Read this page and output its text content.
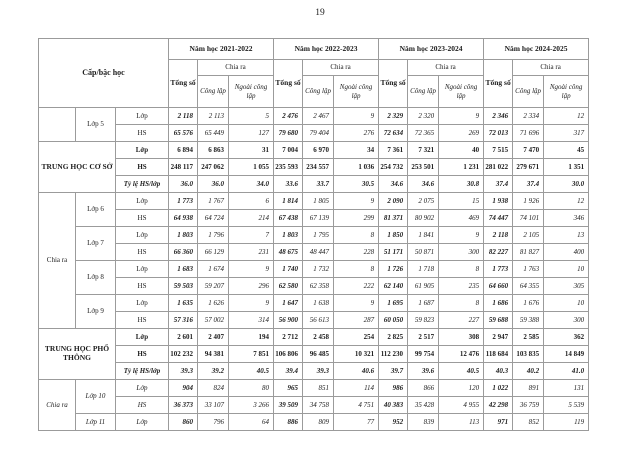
19
Cấp/bậc học			Năm học 2021-2022			Năm học 2022-2023			Năm học 2023-2024			Năm học 2024-2025		
			Tổng số	Chia ra		Tổng số	Chia ra		Tổng số	Chia ra		Tổng số	Chia ra	
				Công lập	Ngoài công lập		Công lập	Ngoài công lập		Công lập	Ngoài công lập		Công lập	Ngoài công lập
	Lớp 5	Lớp	2 118	2 113	5	2 476	2 467	9	2 329	2 320	9	2 346	2 334	12
		HS	65 576	65 449	127	79 680	79 404	276	72 634	72 365	269	72 013	71 696	317
TRUNG HỌC CƠ SỞ		Lớp	6 894	6 863	31	7 004	6 970	34	7 361	7 321	40	7 515	7 470	45
		HS	248 117	247 062	1 055	235 593	234 557	1 036	254 732	253 501	1 231	281 022	279 671	1 351
		Tỷ lệ HS/lớp	36.0	36.0	34.0	33.6	33.7	30.5	34.6	34.6	30.8	37.4	37.4	30.0
Chia ra	Lớp 6	Lớp	1 773	1 767	6	1 814	1 805	9	2 090	2 075	15	1 938	1 926	12
		HS	64 938	64 724	214	67 438	67 139	299	81 371	80 902	469	74 447	74 101	346
	Lớp 7	Lớp	1 803	1 796	7	1 803	1 795	8	1 850	1 841	9	2 118	2 105	13
		HS	66 360	66 129	231	48 675	48 447	228	51 171	50 871	300	82 227	81 827	400
	Lớp 8	Lớp	1 683	1 674	9	1 740	1 732	8	1 726	1 718	8	1 773	1 763	10
		HS	59 503	59 207	296	62 580	62 358	222	62 140	61 905	235	64 660	64 355	305
	Lớp 9	Lớp	1 635	1 626	9	1 647	1 638	9	1 695	1 687	8	1 686	1 676	10
		HS	57 316	57 002	314	56 900	56 613	287	60 050	59 823	227	59 688	59 388	300
TRUNG HỌC PHỔ THÔNG		Lớp	2 601	2 407	194	2 712	2 458	254	2 825	2 517	308	2 947	2 585	362
		HS	102 232	94 381	7 851	106 806	96 485	10 321	112 230	99 754	12 476	118 684	103 835	14 849
		Tỷ lệ HS/lớp	39.3	39.2	40.5	39.4	39.3	40.6	39.7	39.6	40.5	40.3	40.2	41.0
Chia ra	Lớp 10	Lớp	904	824	80	965	851	114	986	866	120	1 022	891	131
		HS	36 373	33 107	3 266	39 509	34 758	4 751	40 383	35 428	4 955	42 298	36 759	5 539
	Lớp 11	Lớp	860	796	64	886	809	77	952	839	113	971	852	119
